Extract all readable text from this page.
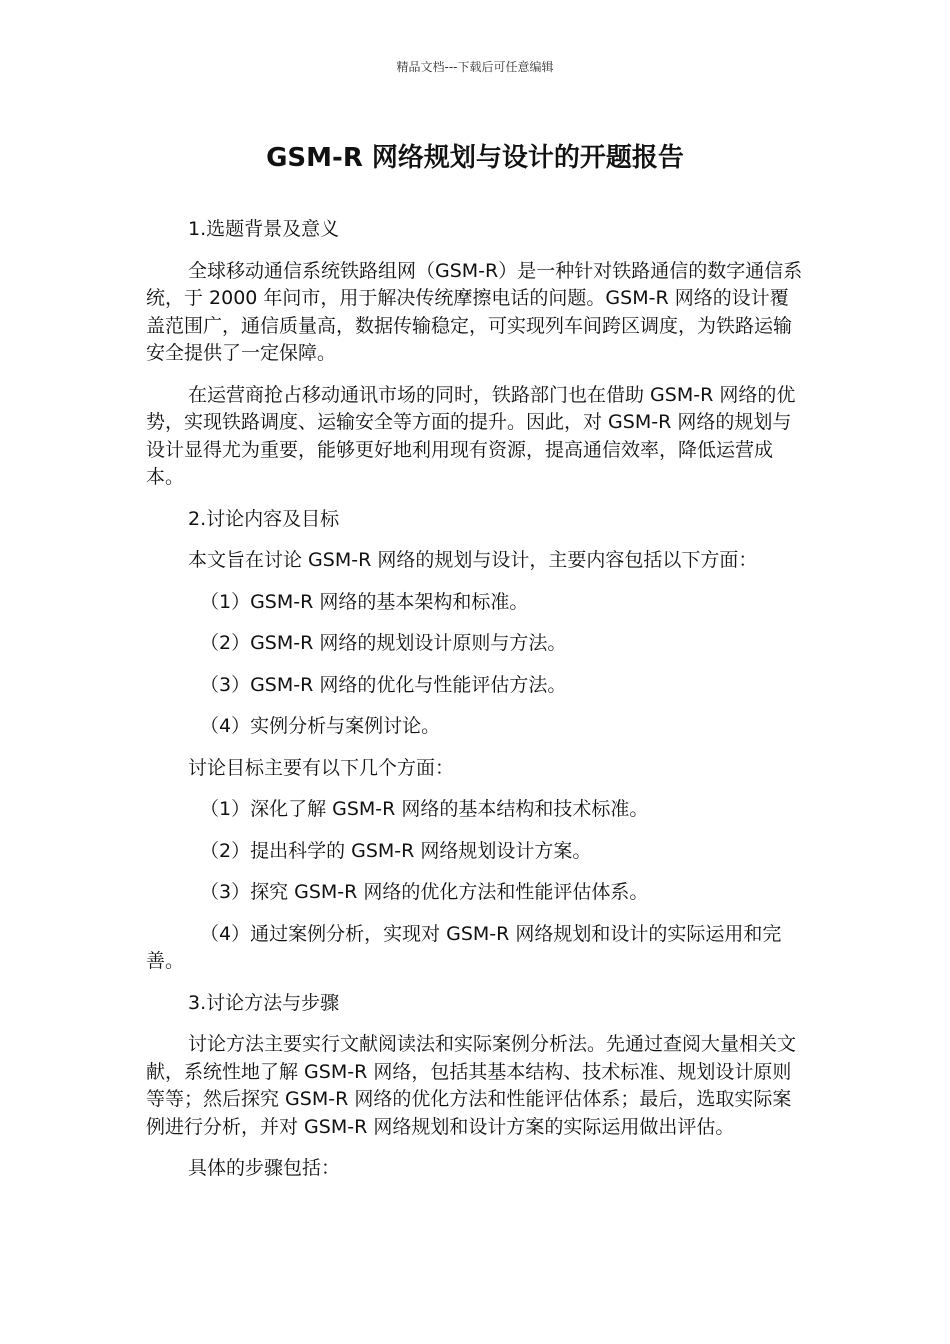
精品文档---下载后可任意编辑
GSM-R 网络规划与设计的开题报告

1.选题背景及意义

全球移动通信系统铁路组网（GSM-R）是一种针对铁路通信的数字通信系统，于 2000 年问市，用于解决传统摩擦电话的问题。GSM-R 网络的设计覆盖范围广，通信质量高，数据传输稳定，可实现列车间跨区调度，为铁路运输安全提供了一定保障。

在运营商抢占移动通讯市场的同时，铁路部门也在借助 GSM-R 网络的优势，实现铁路调度、运输安全等方面的提升。因此，对 GSM-R 网络的规划与设计显得尤为重要，能够更好地利用现有资源，提高通信效率，降低运营成本。

2.讨论内容及目标

本文旨在讨论 GSM-R 网络的规划与设计，主要内容包括以下方面：

（1）GSM-R 网络的基本架构和标准。

（2）GSM-R 网络的规划设计原则与方法。

（3）GSM-R 网络的优化与性能评估方法。

（4）实例分析与案例讨论。

讨论目标主要有以下几个方面：

（1）深化了解 GSM-R 网络的基本结构和技术标准。

（2）提出科学的 GSM-R 网络规划设计方案。

（3）探究 GSM-R 网络的优化方法和性能评估体系。

（4）通过案例分析，实现对 GSM-R 网络规划和设计的实际运用和完善。

3.讨论方法与步骤

讨论方法主要实行文献阅读法和实际案例分析法。先通过查阅大量相关文献，系统性地了解 GSM-R 网络，包括其基本结构、技术标准、规划设计原则等等；然后探究 GSM-R 网络的优化方法和性能评估体系；最后，选取实际案例进行分析，并对 GSM-R 网络规划和设计方案的实际运用做出评估。

具体的步骤包括：
